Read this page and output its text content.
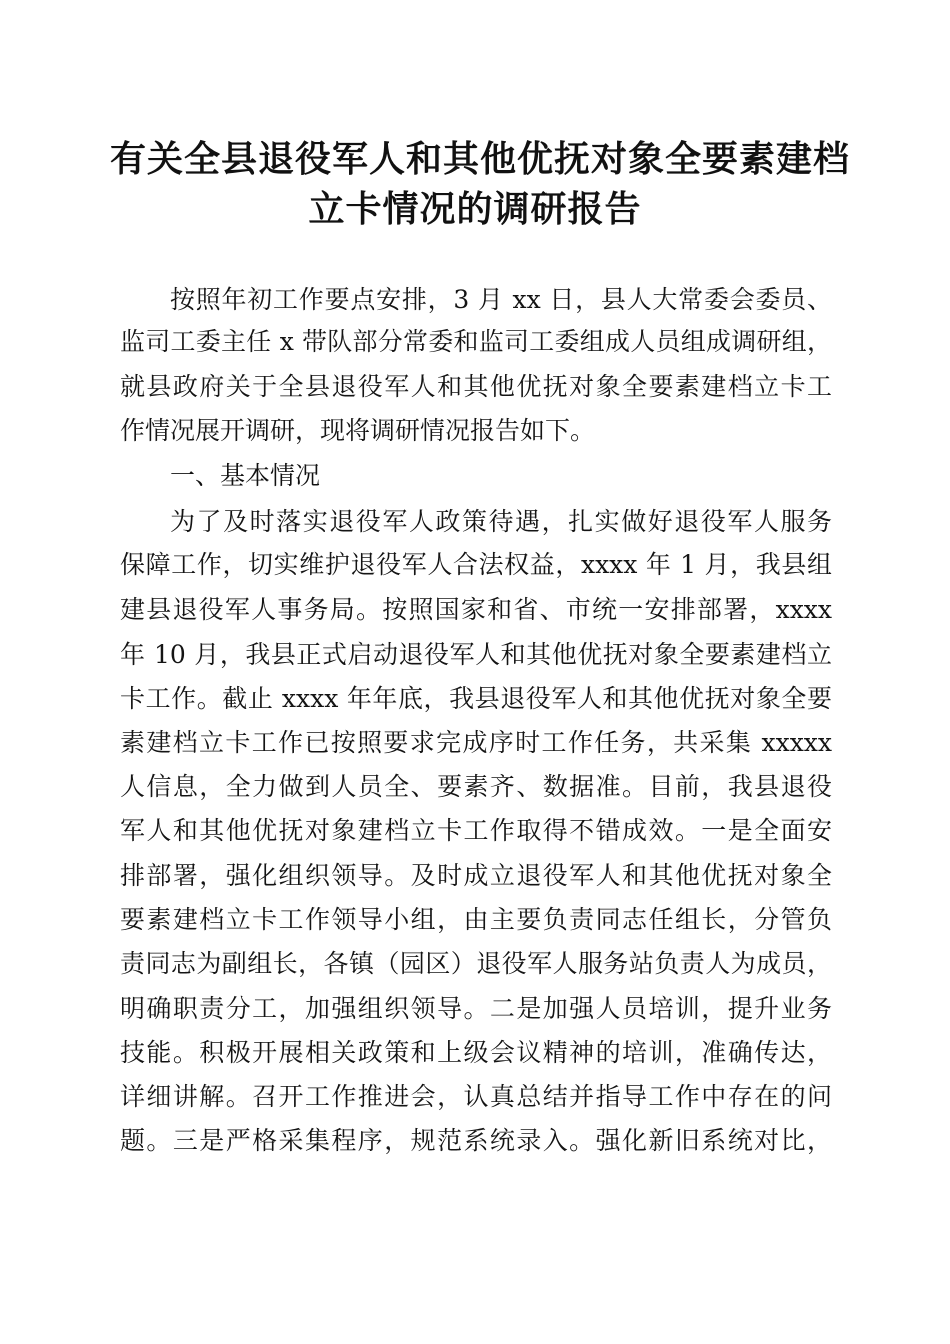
有关全县退役军人和其他优抚对象全要素建档
立卡情况的调研报告
按照年初工作要点安排，3 月 xx 日，县人大常委会委员、
监司工委主任 x 带队部分常委和监司工委组成人员组成调研组，
就县政府关于全县退役军人和其他优抚对象全要素建档立卡工
作情况展开调研，现将调研情况报告如下。
一、基本情况
为了及时落实退役军人政策待遇，扎实做好退役军人服务
保障工作，切实维护退役军人合法权益，xxxx 年 1 月，我县组
建县退役军人事务局。按照国家和省、市统一安排部署，xxxx
年 10 月，我县正式启动退役军人和其他优抚对象全要素建档立
卡工作。截止 xxxx 年年底，我县退役军人和其他优抚对象全要
素建档立卡工作已按照要求完成序时工作任务，共采集 xxxxx
人信息，全力做到人员全、要素齐、数据准。目前，我县退役
军人和其他优抚对象建档立卡工作取得不错成效。一是全面安
排部署，强化组织领导。及时成立退役军人和其他优抚对象全
要素建档立卡工作领导小组，由主要负责同志任组长，分管负
责同志为副组长，各镇（园区）退役军人服务站负责人为成员，
明确职责分工，加强组织领导。二是加强人员培训，提升业务
技能。积极开展相关政策和上级会议精神的培训，准确传达，
详细讲解。召开工作推进会，认真总结并指导工作中存在的问
题。三是严格采集程序，规范系统录入。强化新旧系统对比，
